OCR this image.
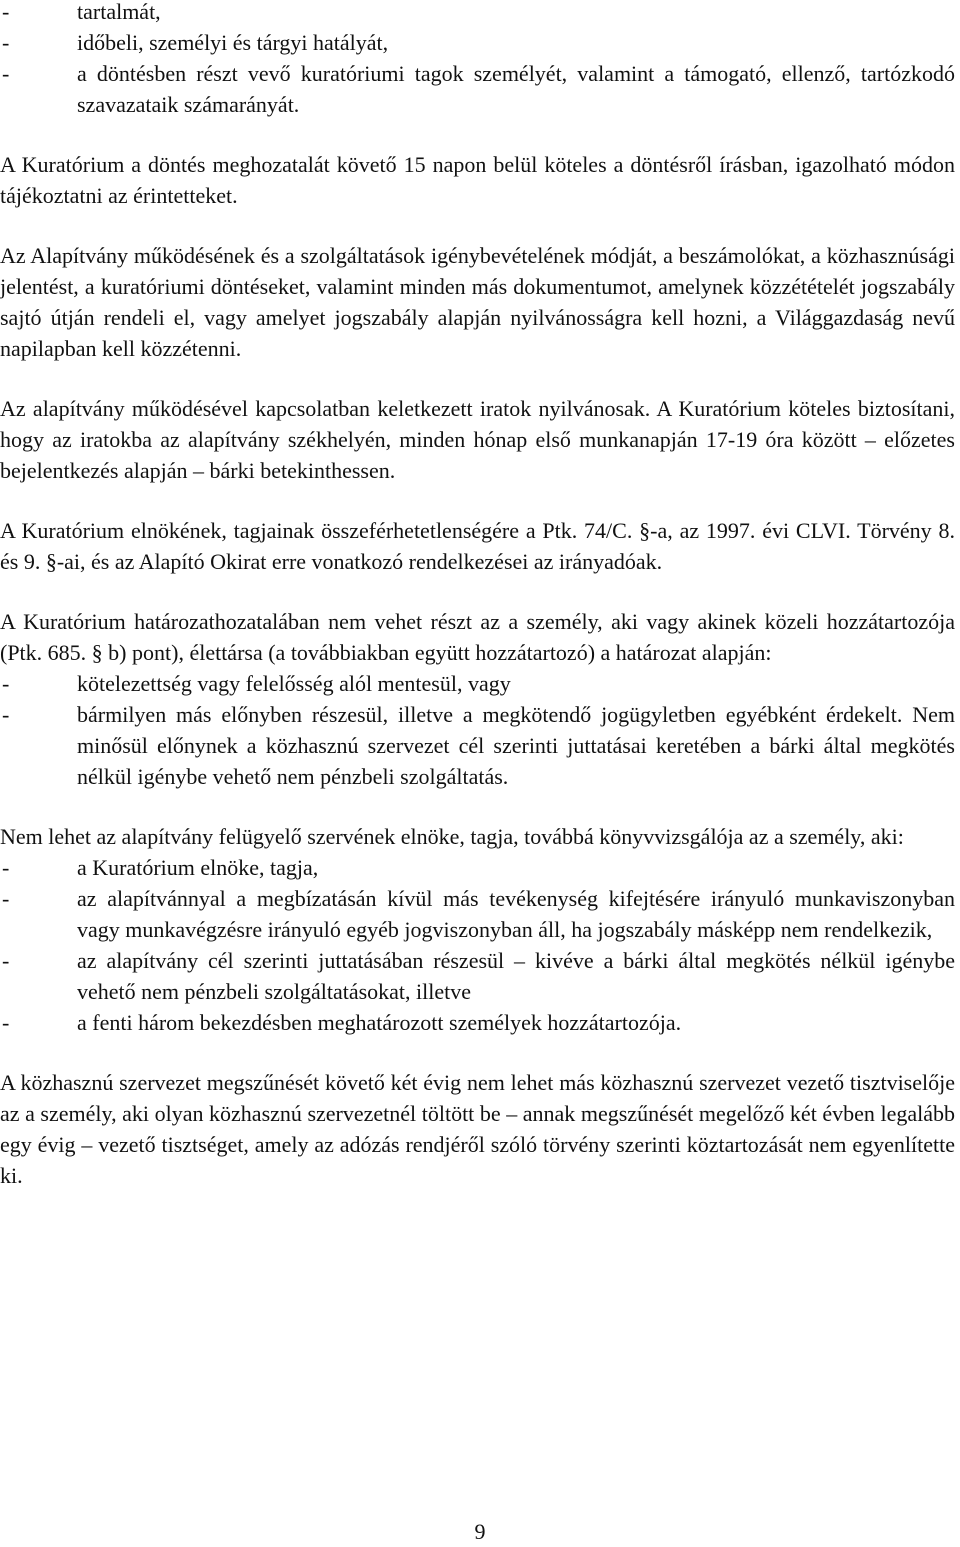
-	tartalmát,
-	időbeli, személyi és tárgyi hatályát,
-	a döntésben részt vevő kuratóriumi tagok személyét, valamint a támogató, ellenző, tartózkodó szavazataik számarányát.

A Kuratórium a döntés meghozatalát követő 15 napon belül köteles a döntésről írásban, igazolható módon tájékoztatni az érintetteket.

Az Alapítvány működésének és a szolgáltatások igénybevételének módját, a beszámolókat, a közhasznúsági jelentést, a kuratóriumi döntéseket, valamint minden más dokumentumot, amelynek közzétételét jogszabály sajtó útján rendeli el, vagy amelyet jogszabály alapján nyilvánosságra kell hozni, a Világgazdaság nevű napilapban kell közzétenni.

Az alapítvány működésével kapcsolatban keletkezett iratok nyilvánosak. A Kuratórium köteles biztosítani, hogy az iratokba az alapítvány székhelyén, minden hónap első munkanapján 17-19 óra között – előzetes bejelentkezés alapján – bárki betekinthessen.

A Kuratórium elnökének, tagjainak összeférhetetlenségére a Ptk. 74/C. §-a, az 1997. évi CLVI. Törvény 8. és 9. §-ai, és az Alapító Okirat erre vonatkozó rendelkezései az irányadóak.

A Kuratórium határozathozatalában nem vehet részt az a személy, aki vagy akinek közeli hozzátartozója (Ptk. 685. § b) pont), élettársa (a továbbiakban együtt hozzátartozó) a határozat alapján:

-	kötelezettség vagy felelősség alól mentesül, vagy
-	bármilyen más előnyben részesül, illetve a megkötendő jogügyletben egyébként érdekelt. Nem minősül előnynek a közhasznú szervezet cél szerinti juttatásai keretében a bárki által megkötés nélkül igénybe vehető nem pénzbeli szolgáltatás.

Nem lehet az alapítvány felügyelő szervének elnöke, tagja, továbbá könyvvizsgálója az a személy, aki:

-	a Kuratórium elnöke, tagja,
-	az alapítvánnyal a megbízatásán kívül más tevékenység kifejtésére irányuló munkaviszonyban vagy munkavégzésre irányuló egyéb jogviszonyban áll, ha jogszabály másképp nem rendelkezik,
-	az alapítvány cél szerinti juttatásában részesül – kivéve a bárki által megkötés nélkül igénybe vehető nem pénzbeli szolgáltatásokat, illetve
-	a fenti három bekezdésben meghatározott személyek hozzátartozója.

A közhasznú szervezet megszűnését követő két évig nem lehet más közhasznú szervezet vezető tisztviselője az a személy, aki olyan közhasznú szervezetnél töltött be – annak megszűnését megelőző két évben legalább egy évig – vezető tisztséget, amely az adózás rendjéről szóló törvény szerinti köztartozását nem egyenlítette ki.

9
